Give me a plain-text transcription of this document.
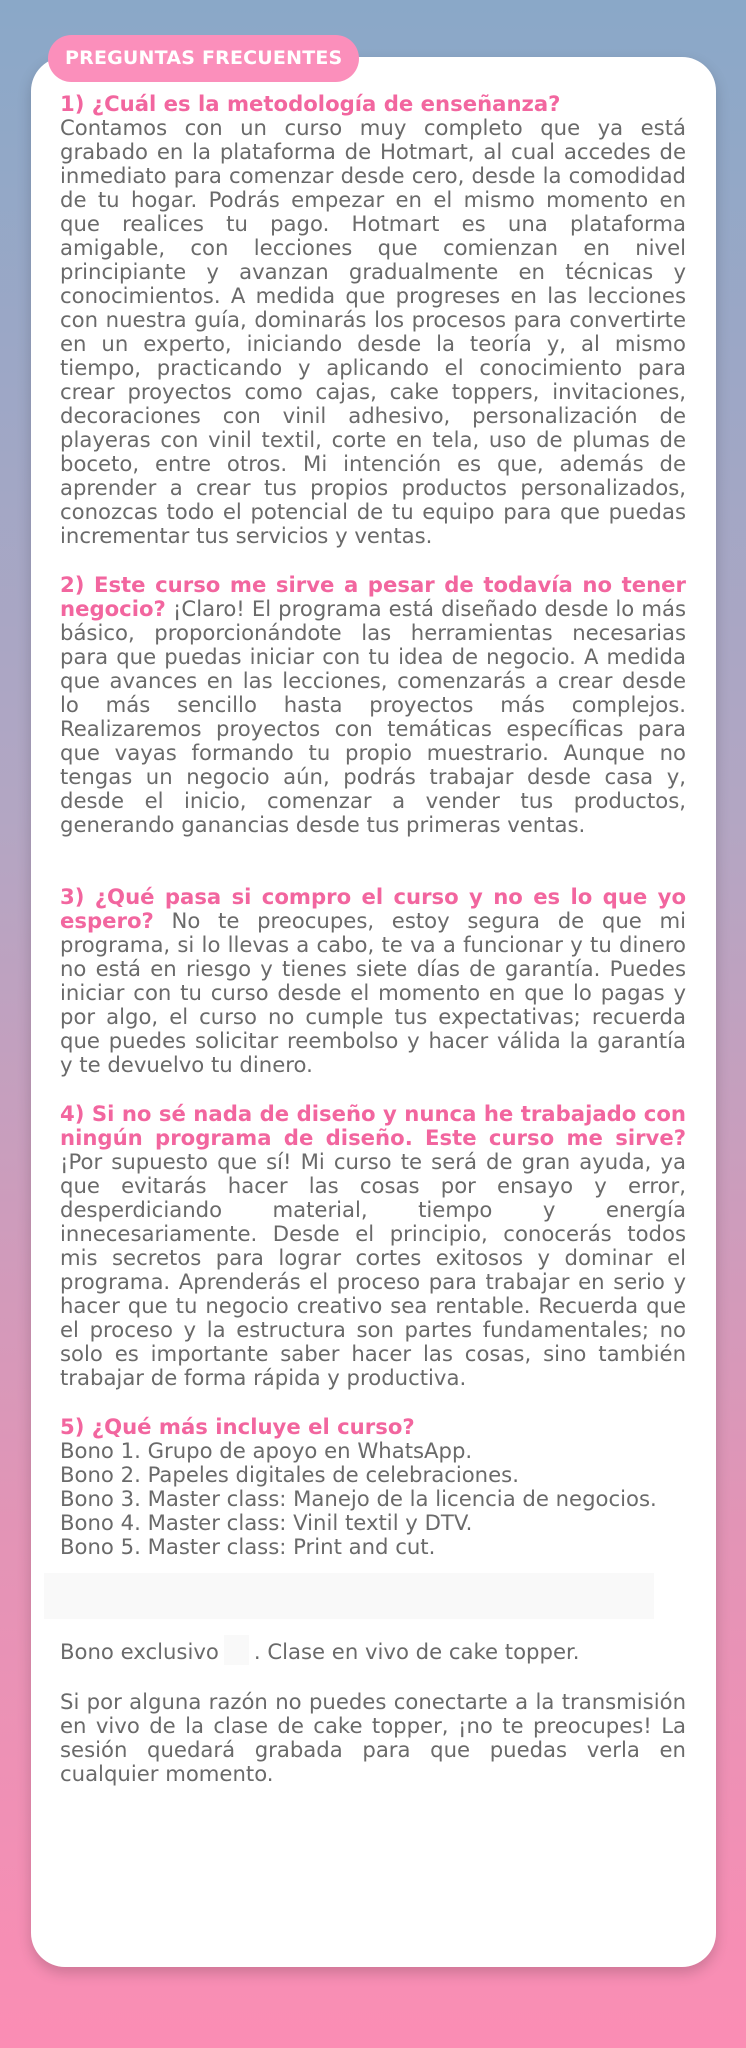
PREGUNTAS FRECUENTES

1) ¿Cuál es la metodología de enseñanza?
Contamos con un curso muy completo que ya está grabado en la plataforma de Hotmart, al cual accedes de inmediato para comenzar desde cero, desde la comodidad de tu hogar. Podrás empezar en el mismo momento en que realices tu pago. Hotmart es una plataforma amigable, con lecciones que comienzan en nivel principiante y avanzan gradualmente en técnicas y conocimientos. A medida que progreses en las lecciones con nuestra guía, dominarás los procesos para convertirte en un experto, iniciando desde la teoría y, al mismo tiempo, practicando y aplicando el conocimiento para crear proyectos como cajas, cake toppers, invitaciones, decoraciones con vinil adhesivo, personalización de playeras con vinil textil, corte en tela, uso de plumas de boceto, entre otros. Mi intención es que, además de aprender a crear tus propios productos personalizados, conozcas todo el potencial de tu equipo para que puedas incrementar tus servicios y ventas.

2) Este curso me sirve a pesar de todavía no tener negocio? ¡Claro! El programa está diseñado desde lo más básico, proporcionándote las herramientas necesarias para que puedas iniciar con tu idea de negocio. A medida que avances en las lecciones, comenzarás a crear desde lo más sencillo hasta proyectos más complejos. Realizaremos proyectos con temáticas específicas para que vayas formando tu propio muestrario. Aunque no tengas un negocio aún, podrás trabajar desde casa y, desde el inicio, comenzar a vender tus productos, generando ganancias desde tus primeras ventas.

3) ¿Qué pasa si compro el curso y no es lo que yo espero? No te preocupes, estoy segura de que mi programa, si lo llevas a cabo, te va a funcionar y tu dinero no está en riesgo y tienes siete días de garantía. Puedes iniciar con tu curso desde el momento en que lo pagas y por algo, el curso no cumple tus expectativas; recuerda que puedes solicitar reembolso y hacer válida la garantía y te devuelvo tu dinero.

4) Si no sé nada de diseño y nunca he trabajado con ningún programa de diseño. Este curso me sirve? ¡Por supuesto que sí! Mi curso te será de gran ayuda, ya que evitarás hacer las cosas por ensayo y error, desperdiciando material, tiempo y energía innecesariamente. Desde el principio, conocerás todos mis secretos para lograr cortes exitosos y dominar el programa. Aprenderás el proceso para trabajar en serio y hacer que tu negocio creativo sea rentable. Recuerda que el proceso y la estructura son partes fundamentales; no solo es importante saber hacer las cosas, sino también trabajar de forma rápida y productiva.

5) ¿Qué más incluye el curso?

Bono 1. Grupo de apoyo en WhatsApp.
Bono 2. Papeles digitales de celebraciones.
Bono 3. Master class: Manejo de la licencia de negocios.
Bono 4. Master class: Vinil textil y DTV.
Bono 5. Master class: Print and cut.

Bono exclusivo . Clase en vivo de cake topper.

Si por alguna razón no puedes conectarte a la transmisión en vivo de la clase de cake topper, ¡no te preocupes! La sesión quedará grabada para que puedas verla en cualquier momento.
